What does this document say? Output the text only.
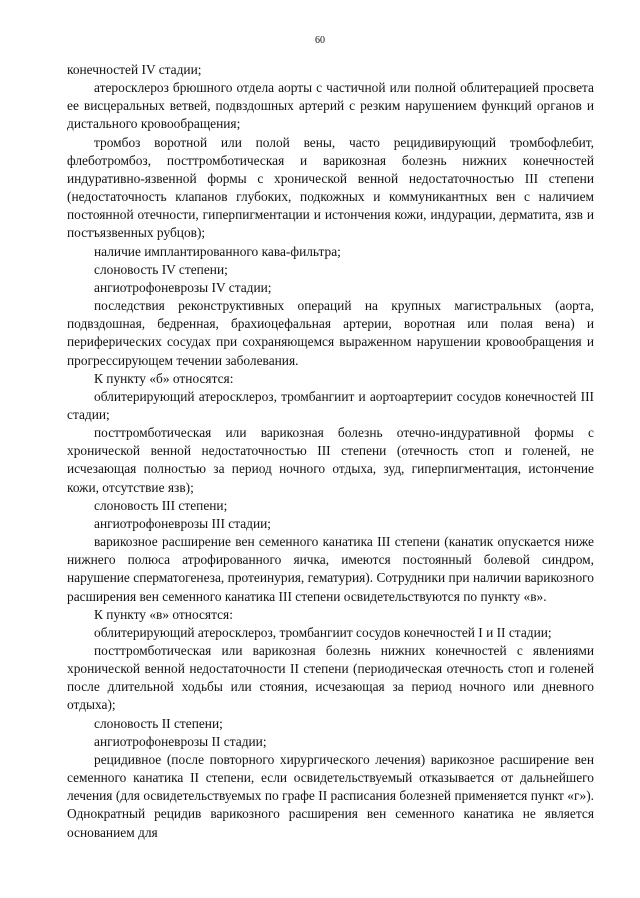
60

конечностей IV стадии;

атеросклероз брюшного отдела аорты с частичной или полной облитерацией просвета ее висцеральных ветвей, подвздошных артерий с резким нарушением функций органов и дистального кровообращения;

тромбоз воротной или полой вены, часто рецидивирующий тромбофлебит, флеботромбоз, посттромботическая и варикозная болезнь нижних конечностей индуративно-язвенной формы с хронической венной недостаточностью III степени (недостаточность клапанов глубоких, подкожных и коммуникантных вен с наличием постоянной отечности, гиперпигментации и истончения кожи, индурации, дерматита, язв и постъязвенных рубцов);

наличие имплантированного кава-фильтра;

слоновость IV степени;

ангиотрофоневрозы IV стадии;

последствия реконструктивных операций на крупных магистральных (аорта, подвздошная, бедренная, брахиоцефальная артерии, воротная или полая вена) и периферических сосудах при сохраняющемся выраженном нарушении кровообращения и прогрессирующем течении заболевания.

К пункту «б» относятся:

облитерирующий атеросклероз, тромбангиит и аортоартериит сосудов конечностей III стадии;

посттромботическая или варикозная болезнь отечно-индуративной формы с хронической венной недостаточностью III степени (отечность стоп и голеней, не исчезающая полностью за период ночного отдыха, зуд, гиперпигментация, истончение кожи, отсутствие язв);

слоновость III степени;

ангиотрофоневрозы III стадии;

варикозное расширение вен семенного канатика III степени (канатик опускается ниже нижнего полюса атрофированного яичка, имеются постоянный болевой синдром, нарушение сперматогенеза, протеинурия, гематурия). Сотрудники при наличии варикозного расширения вен семенного канатика III степени освидетельствуются по пункту «в».

К пункту «в» относятся:

облитерирующий атеросклероз, тромбангиит сосудов конечностей I и II стадии;

посттромботическая или варикозная болезнь нижних конечностей с явлениями хронической венной недостаточности II степени (периодическая отечность стоп и голеней после длительной ходьбы или стояния, исчезающая за период ночного или дневного отдыха);

слоновость II степени;

ангиотрофоневрозы II стадии;

рецидивное (после повторного хирургического лечения) варикозное расширение вен семенного канатика II степени, если освидетельствуемый отказывается от дальнейшего лечения (для освидетельствуемых по графе II расписания болезней применяется пункт «г»). Однократный рецидив варикозного расширения вен семенного канатика не является основанием для
